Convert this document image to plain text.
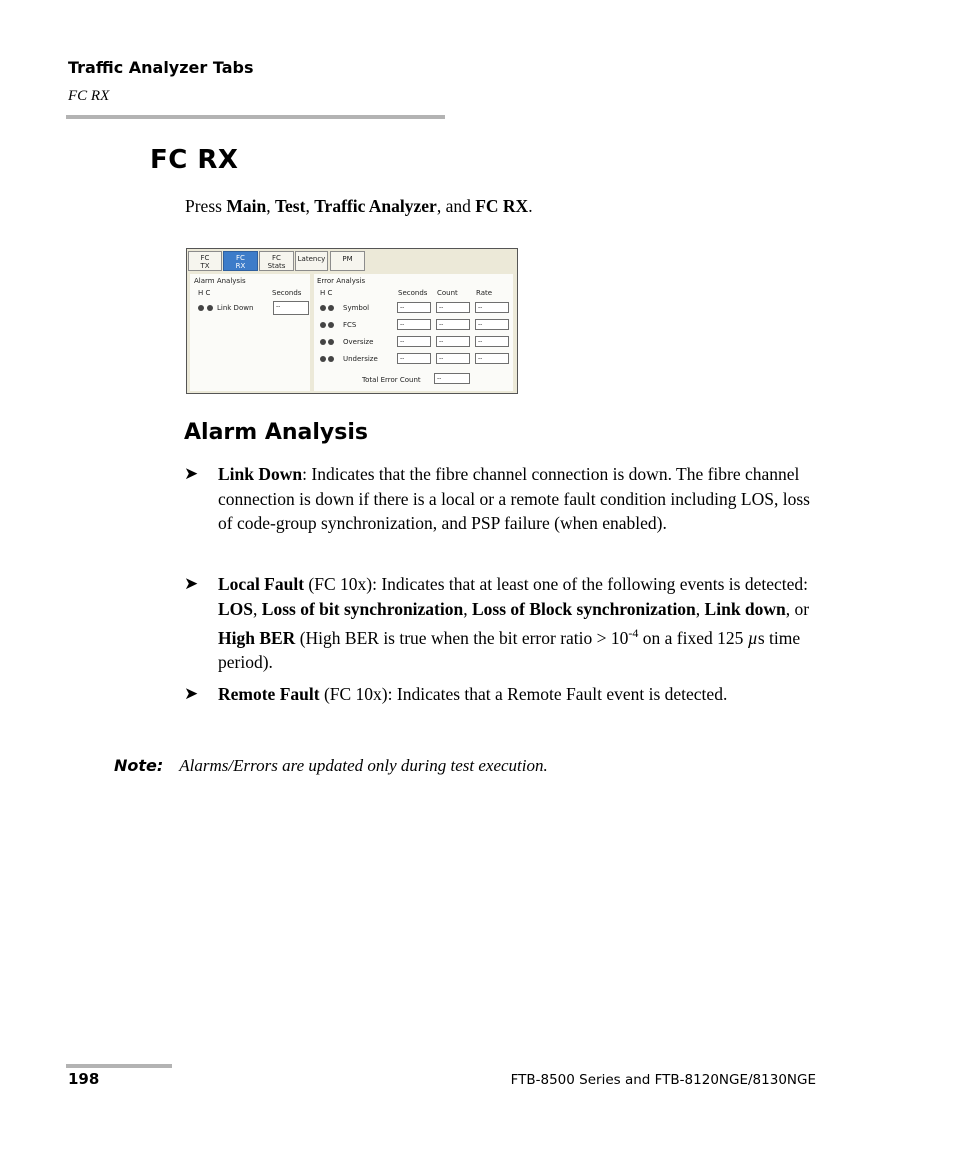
Traffic Analyzer Tabs
FC RX
FC RX
Press Main, Test, Traffic Analyzer, and FC RX.
FC
TX
FC
RX
FC
Stats
Latency	PM
Alarm Analysis
H C	Seconds
Link Down	--
Error Analysis
H C	Seconds Count	Rate
Symbol	--	--	--
FCS	--	--	--
Oversize	--	--	--
Undersize	--	--	--
Total Error Count	--
Alarm Analysis
➤ Link Down: Indicates that the fibre channel connection is down. The fibre channel connection is down if there is a local or a remote fault condition including LOS, loss of code-group synchronization, and PSP failure (when enabled).
➤ Local Fault (FC 10x): Indicates that at least one of the following events is detected: LOS, Loss of bit synchronization, Loss of Block synchronization, Link down, or High BER (High BER is true when the bit error ratio > $10^{-4}$ on a fixed 125 µs time period).
➤ Remote Fault (FC 10x): Indicates that a Remote Fault event is detected.
Note: Alarms/Errors are updated only during test execution.
198	FTB-8500 Series and FTB-8120NGE/8130NGE
